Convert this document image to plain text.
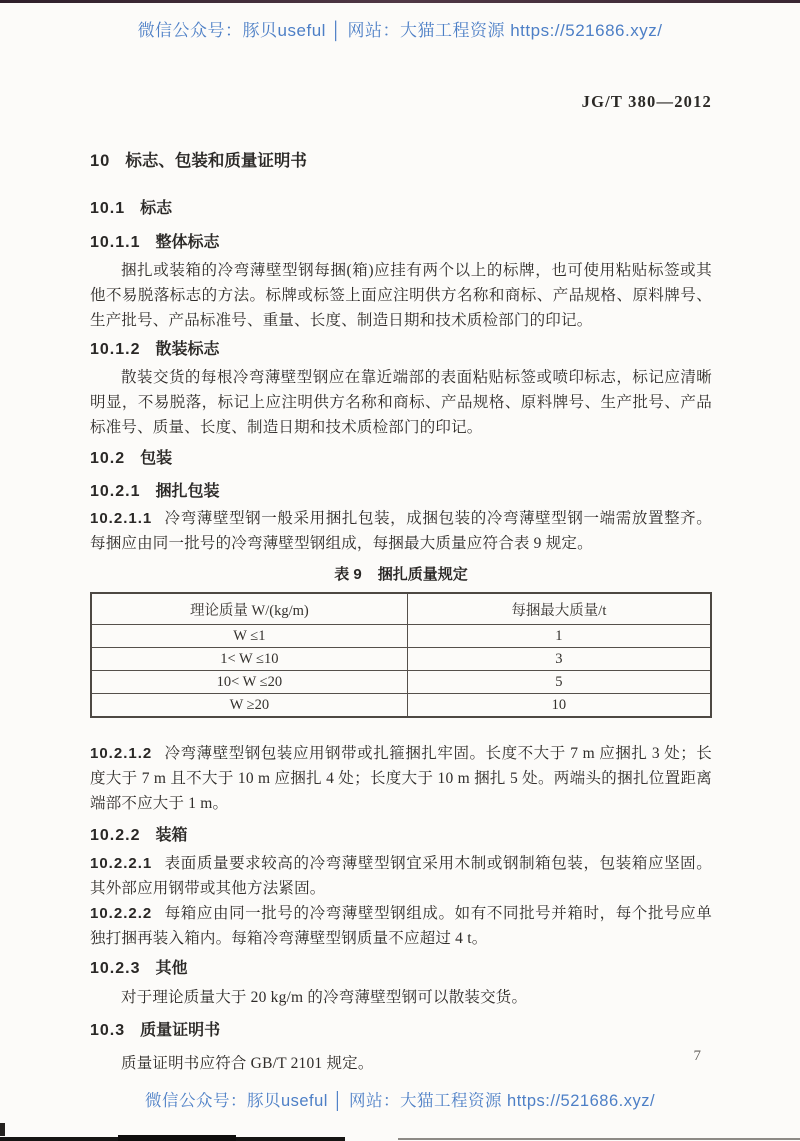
微信公众号：豚贝useful │ 网站：大猫工程资源 https://521686.xyz/
JG/T 380—2012
10 标志、包装和质量证明书
10.1 标志
10.1.1 整体标志

捆扎或装箱的冷弯薄壁型钢每捆(箱)应挂有两个以上的标牌，也可使用粘贴标签或其他不易脱落标志的方法。标牌或标签上面应注明供方名称和商标、产品规格、原料牌号、生产批号、产品标准号、重量、长度、制造日期和技术质检部门的印记。

10.1.2 散装标志

散装交货的每根冷弯薄壁型钢应在靠近端部的表面粘贴标签或喷印标志，标记应清晰明显，不易脱落，标记上应注明供方名称和商标、产品规格、原料牌号、生产批号、产品标准号、质量、长度、制造日期和技术质检部门的印记。

10.2 包装
10.2.1 捆扎包装

10.2.1.1 冷弯薄壁型钢一般采用捆扎包装，成捆包装的冷弯薄壁型钢一端需放置整齐。每捆应由同一批号的冷弯薄壁型钢组成，每捆最大质量应符合表 9 规定。

表 9 捆扎质量规定
理论质量 W/(kg/m)	每捆最大质量/t
W ≤1	1
1< W ≤10	3
10< W ≤20	5
W ≥20	10

10.2.1.2 冷弯薄壁型钢包装应用钢带或扎箍捆扎牢固。长度不大于 7 m 应捆扎 3 处；长度大于 7 m 且不大于 10 m 应捆扎 4 处；长度大于 10 m 捆扎 5 处。两端头的捆扎位置距离端部不应大于 1 m。

10.2.2 装箱

10.2.2.1 表面质量要求较高的冷弯薄壁型钢宜采用木制或钢制箱包装，包装箱应坚固。其外部应用钢带或其他方法紧固。

10.2.2.2 每箱应由同一批号的冷弯薄壁型钢组成。如有不同批号并箱时，每个批号应单独打捆再装入箱内。每箱冷弯薄壁型钢质量不应超过 4 t。

10.2.3 其他

对于理论质量大于 20 kg/m 的冷弯薄壁型钢可以散装交货。

10.3 质量证明书

质量证明书应符合 GB/T 2101 规定。	7
微信公众号：豚贝useful │ 网站：大猫工程资源 https://521686.xyz/
